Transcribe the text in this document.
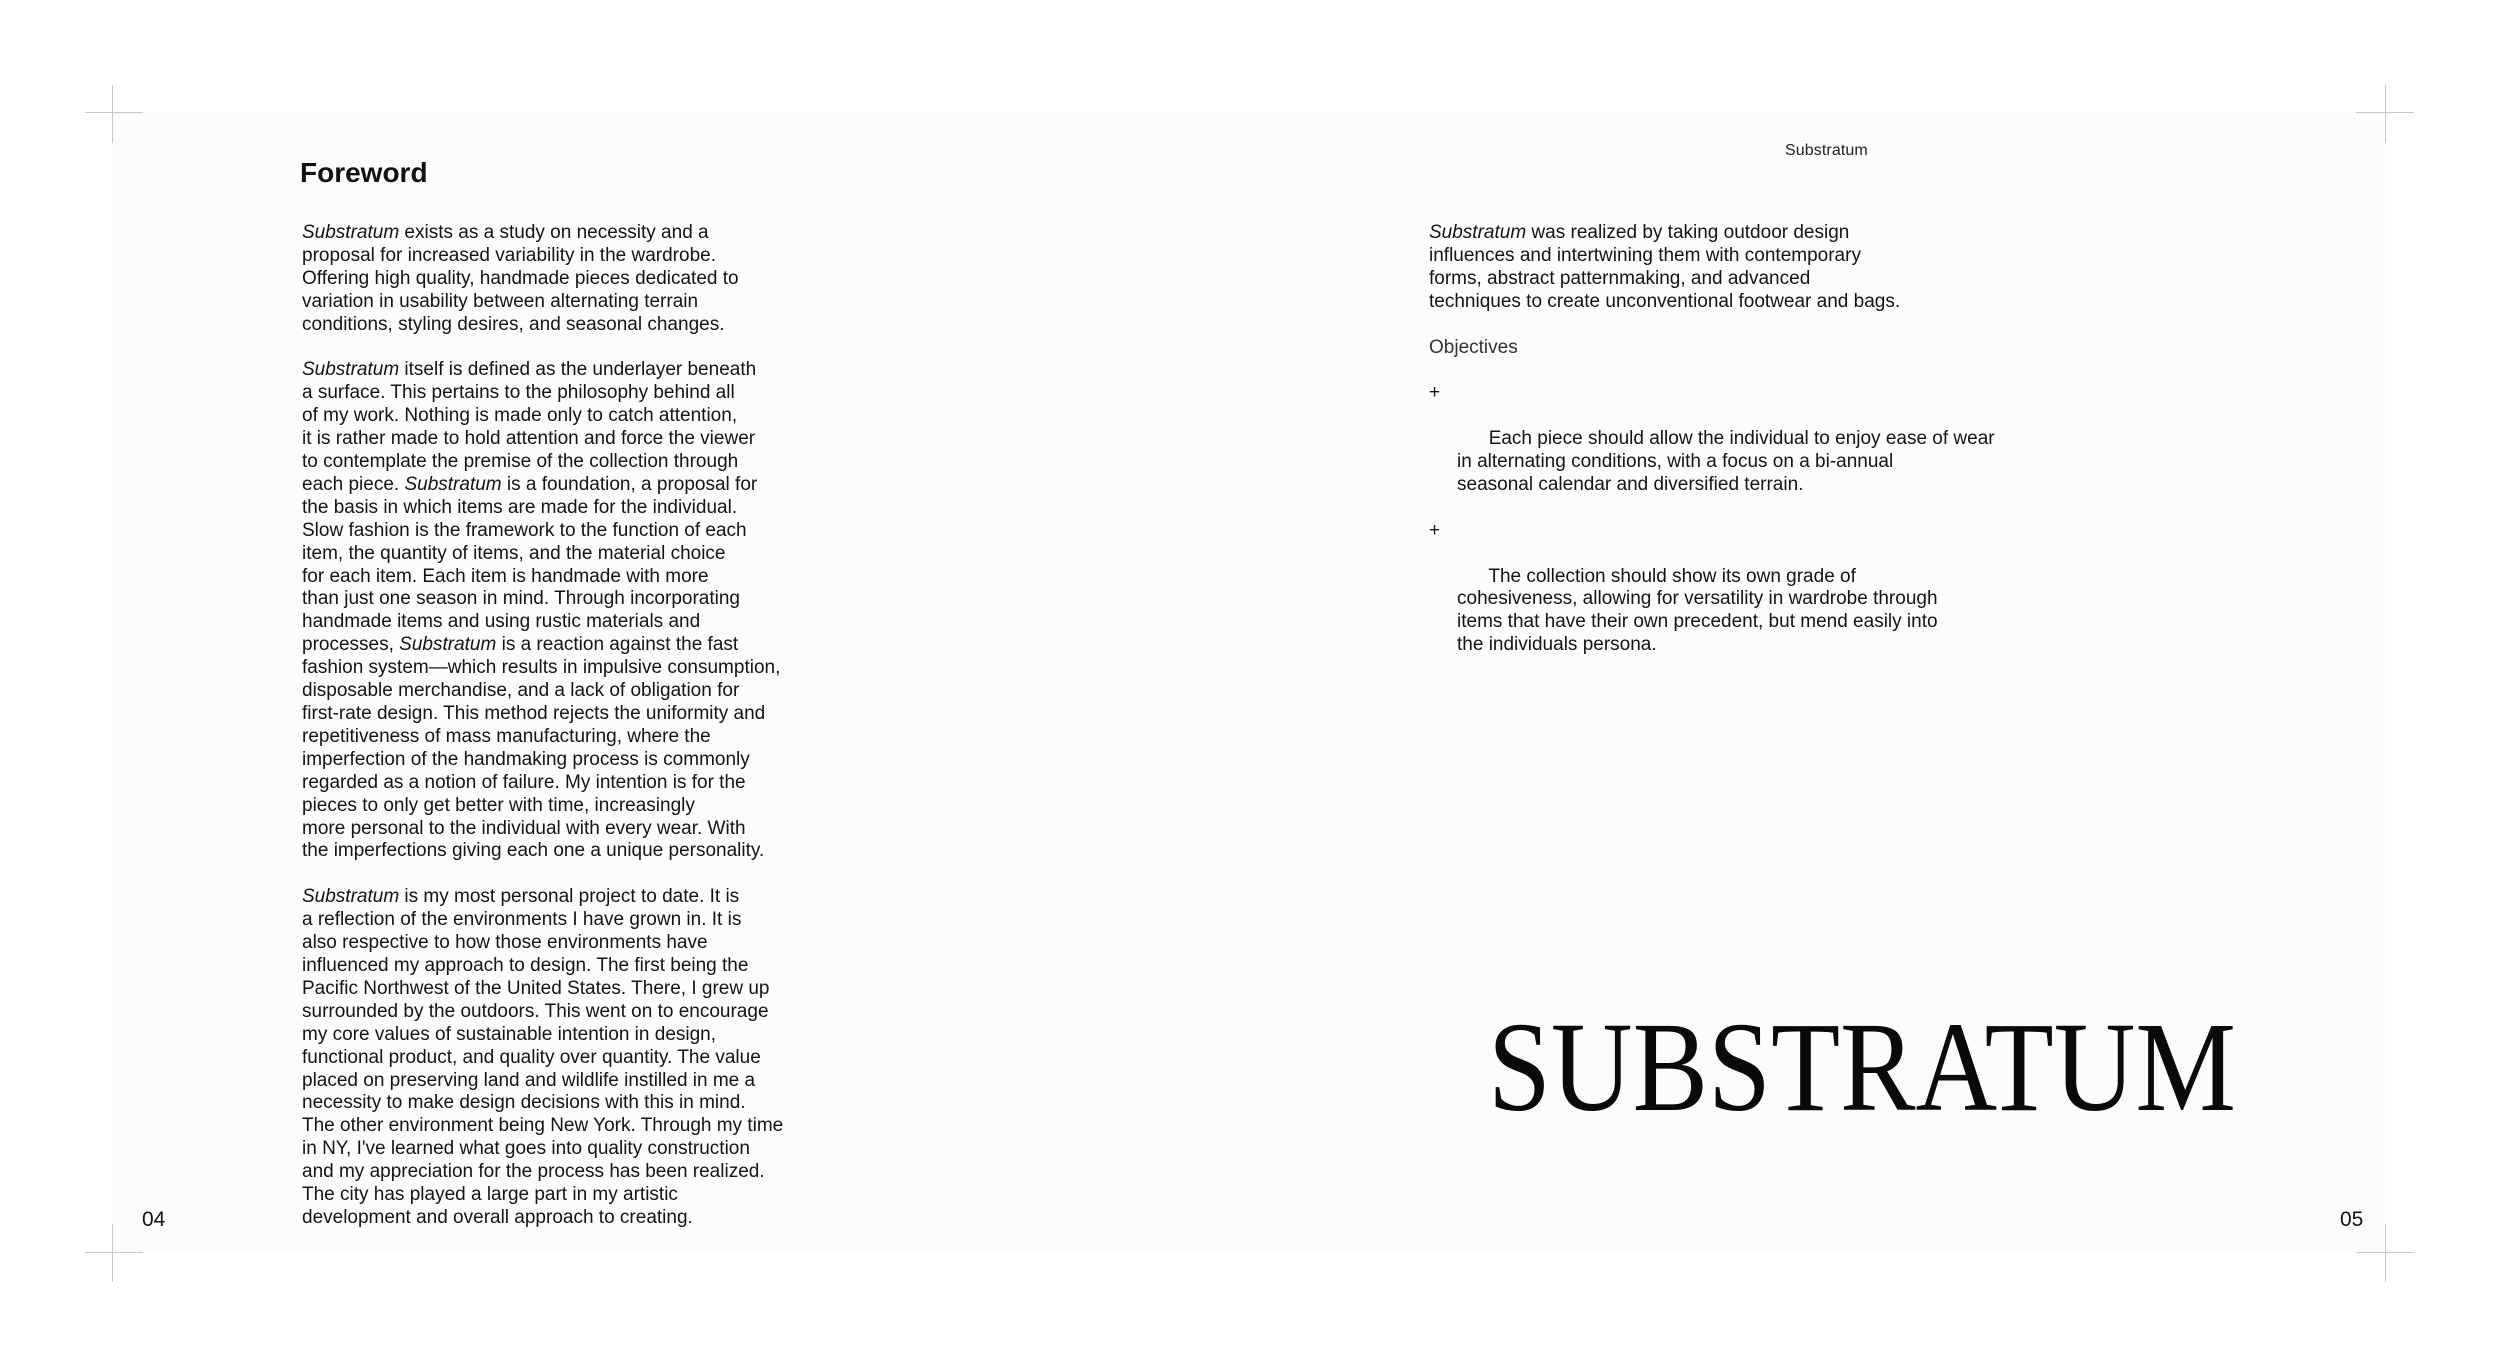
Substratum
Foreword

Substratum exists as a study on necessity and a
proposal for increased variability in the wardrobe.
Offering high quality, handmade pieces dedicated to
variation in usability between alternating terrain
conditions, styling desires, and seasonal changes.

Substratum itself is defined as the underlayer beneath
a surface. This pertains to the philosophy behind all
of my work. Nothing is made only to catch attention,
it is rather made to hold attention and force the viewer
to contemplate the premise of the collection through
each piece. Substratum is a foundation, a proposal for
the basis in which items are made for the individual.
Slow fashion is the framework to the function of each
item, the quantity of items, and the material choice
for each item. Each item is handmade with more
than just one season in mind. Through incorporating
handmade items and using rustic materials and
processes, Substratum is a reaction against the fast
fashion system—which results in impulsive consumption,
disposable merchandise, and a lack of obligation for
first-rate design. This method rejects the uniformity and
repetitiveness of mass manufacturing, where the
imperfection of the handmaking process is commonly
regarded as a notion of failure. My intention is for the
pieces to only get better with time, increasingly
more personal to the individual with every wear. With
the imperfections giving each one a unique personality.

Substratum is my most personal project to date. It is
a reflection of the environments I have grown in. It is
also respective to how those environments have
influenced my approach to design. The first being the
Pacific Northwest of the United States. There, I grew up
surrounded by the outdoors. This went on to encourage
my core values of sustainable intention in design,
functional product, and quality over quantity. The value
placed on preserving land and wildlife instilled in me a
necessity to make design decisions with this in mind.
The other environment being New York. Through my time
in NY, I've learned what goes into quality construction
and my appreciation for the process has been realized.
The city has played a large part in my artistic
development and overall approach to creating.

Substratum was realized by taking outdoor design
influences and intertwining them with contemporary
forms, abstract patternmaking, and advanced
techniques to create unconventional footwear and bags.

Objectives

+

Each piece should allow the individual to enjoy ease of wear
in alternating conditions, with a focus on a bi-annual
seasonal calendar and diversified terrain.

+

The collection should show its own grade of
cohesiveness, allowing for versatility in wardrobe through
items that have their own precedent, but mend easily into
the individuals persona.

SUBSTRATUM
04	05
